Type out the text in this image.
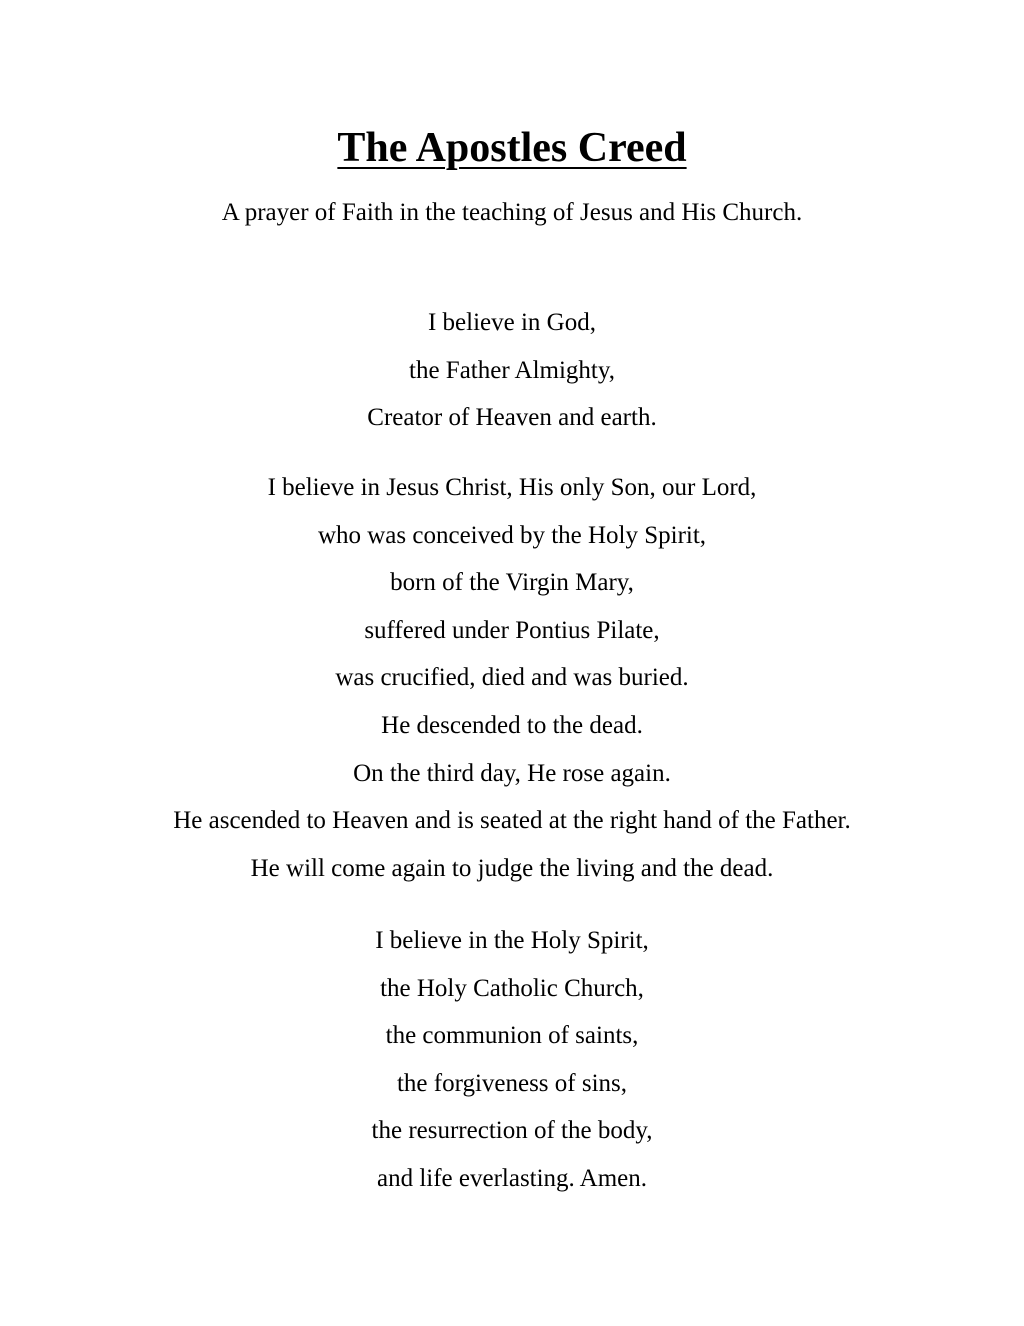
The Apostles Creed

A prayer of Faith in the teaching of Jesus and His Church.

I believe in God,
the Father Almighty,
Creator of Heaven and earth.
I believe in Jesus Christ, His only Son, our Lord,
who was conceived by the Holy Spirit,
born of the Virgin Mary,
suffered under Pontius Pilate,
was crucified, died and was buried.
He descended to the dead.
On the third day, He rose again.
He ascended to Heaven and is seated at the right hand of the Father.
He will come again to judge the living and the dead.
I believe in the Holy Spirit,
the Holy Catholic Church,
the communion of saints,
the forgiveness of sins,
the resurrection of the body,
and life everlasting. Amen.
